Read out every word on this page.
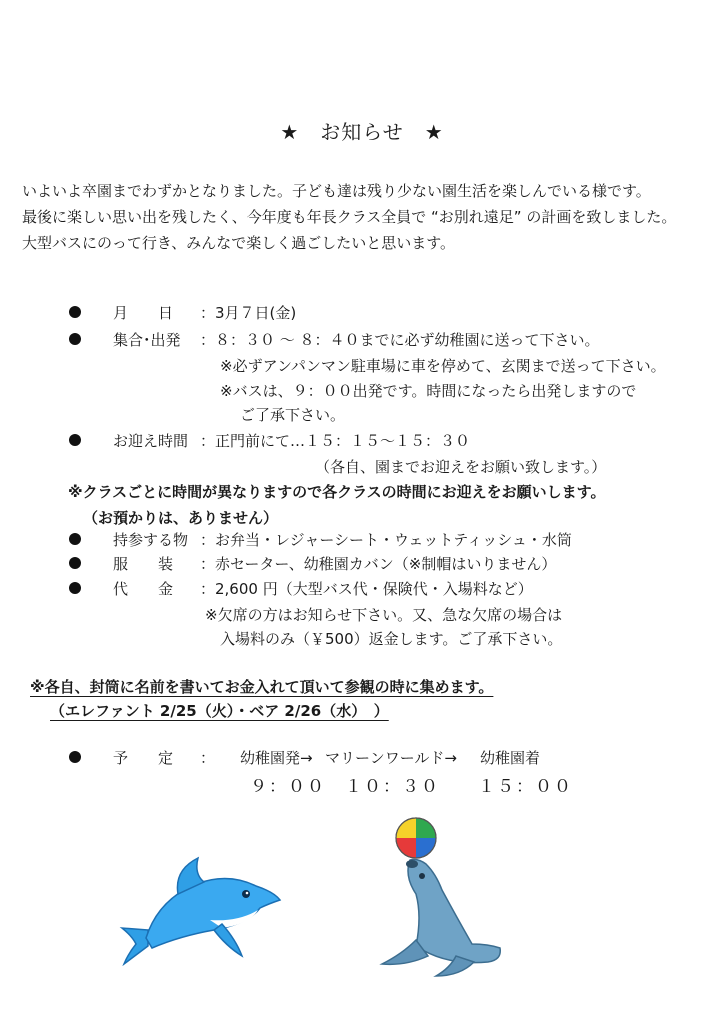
★　お知らせ　★
いよいよ卒園までわずかとなりました。子ども達は残り少ない園生活を楽しんでいる様です。
最後に楽しい思い出を残したく、今年度も年長クラス全員で “お別れ遠足” の計画を致しました。
大型バスにのって行き、みんなで楽しく過ごしたいと思います。
月　　日 ：3月７日(金)
集合･出発 ：８：３０ ～ ８：４０までに必ず幼稚園に送って下さい。
※必ずアンパンマン駐車場に車を停めて、玄関まで送って下さい。
※バスは、９：００出発です。時間になったら出発しますので
ご了承下さい。
お迎え時間 ：正門前にて…１５：１５～１５：３０
（各自、園までお迎えをお願い致します。）
※クラスごとに時間が異なりますので各クラスの時間にお迎えをお願いします。
（お預かりは、ありません）
持参する物 ：お弁当・レジャーシート・ウェットティッシュ・水筒
服　　装 ：赤セーター、幼稚園カバン（※制帽はいりません）
代　　金 ：2,600 円（大型バス代・保険代・入場料など）
※欠席の方はお知らせ下さい。又、急な欠席の場合は
入場料のみ（￥500）返金します。ご了承下さい。
※各自、封筒に名前を書いてお金入れて頂いて参観の時に集めます。
（エレファント 2/25（火）・ベア 2/26（水）　）
予　　定 ： 幼稚園発→ マリーンワールド→ 幼稚園着
９：００ １０：３０ １５：００
